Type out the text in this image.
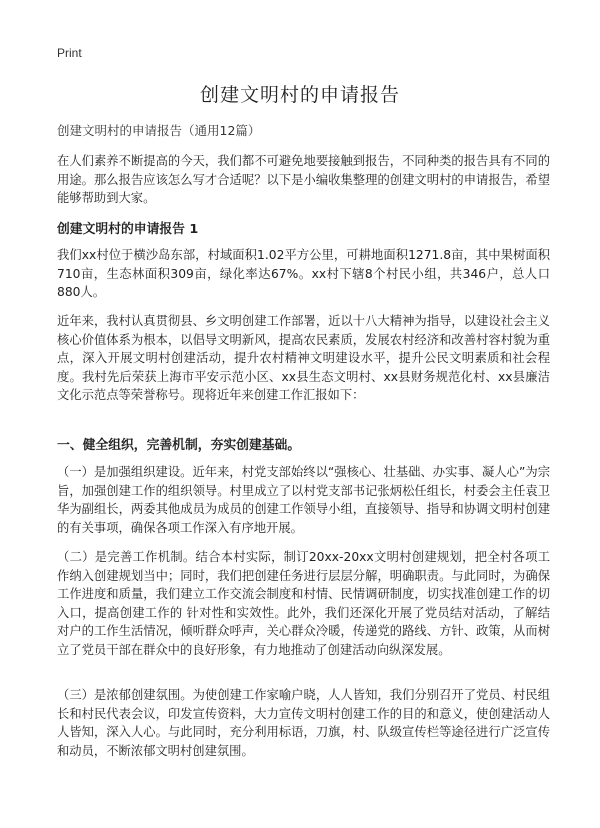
Print
创建文明村的申请报告
创建文明村的申请报告（通用12篇）

在人们素养不断提高的今天，我们都不可避免地要接触到报告，不同种类的报告具有不同的用途。那么报告应该怎么写才合适呢？以下是小编收集整理的创建文明村的申请报告，希望能够帮助到大家。

创建文明村的申请报告 1

我们xx村位于横沙岛东部，村域面积1.02平方公里，可耕地面积1271.8亩，其中果树面积710亩，生态林面积309亩，绿化率达67%。xx村下辖8个村民小组，共346户，总人口880人。

近年来，我村认真贯彻县、乡文明创建工作部署，近以十八大精神为指导，以建设社会主义核心价值体系为根本，以倡导文明新风，提高农民素质，发展农村经济和改善村容村貌为重点，深入开展文明村创建活动，提升农村精神文明建设水平，提升公民文明素质和社会程度。我村先后荣获上海市平安示范小区、xx县生态文明村、xx县财务规范化村、xx县廉洁文化示范点等荣誉称号。现将近年来创建工作汇报如下：

一、健全组织，完善机制，夯实创建基础。

（一）是加强组织建设。近年来，村党支部始终以“强核心、壮基础、办实事、凝人心”为宗旨，加强创建工作的组织领导。村里成立了以村党支部书记张炳松任组长，村委会主任袁卫华为副组长，两委其他成员为成员的创建工作领导小组，直接领导、指导和协调文明村创建的有关事项，确保各项工作深入有序地开展。

（二）是完善工作机制。结合本村实际，制订20xx-20xx文明村创建规划，把全村各项工作纳入创建规划当中；同时，我们把创建任务进行层层分解，明确职责。与此同时，为确保工作进度和质量，我们建立工作交流会制度和村情、民情调研制度，切实找准创建工作的切入口，提高创建工作的 针对性和实效性。此外，我们还深化开展了党员结对活动，了解结对户的工作生活情况，倾听群众呼声，关心群众冷暖，传递党的路线、方针、政策，从而树立了党员干部在群众中的良好形象，有力地推动了创建活动向纵深发展。

（三）是浓郁创建氛围。为使创建工作家喻户晓，人人皆知，我们分别召开了党员、村民组长和村民代表会议，印发宣传资料，大力宣传文明村创建工作的目的和意义，使创建活动人人皆知，深入人心。与此同时，充分利用标语，刀旗，村、队级宣传栏等途径进行广泛宣传和动员，不断浓郁文明村创建氛围。
